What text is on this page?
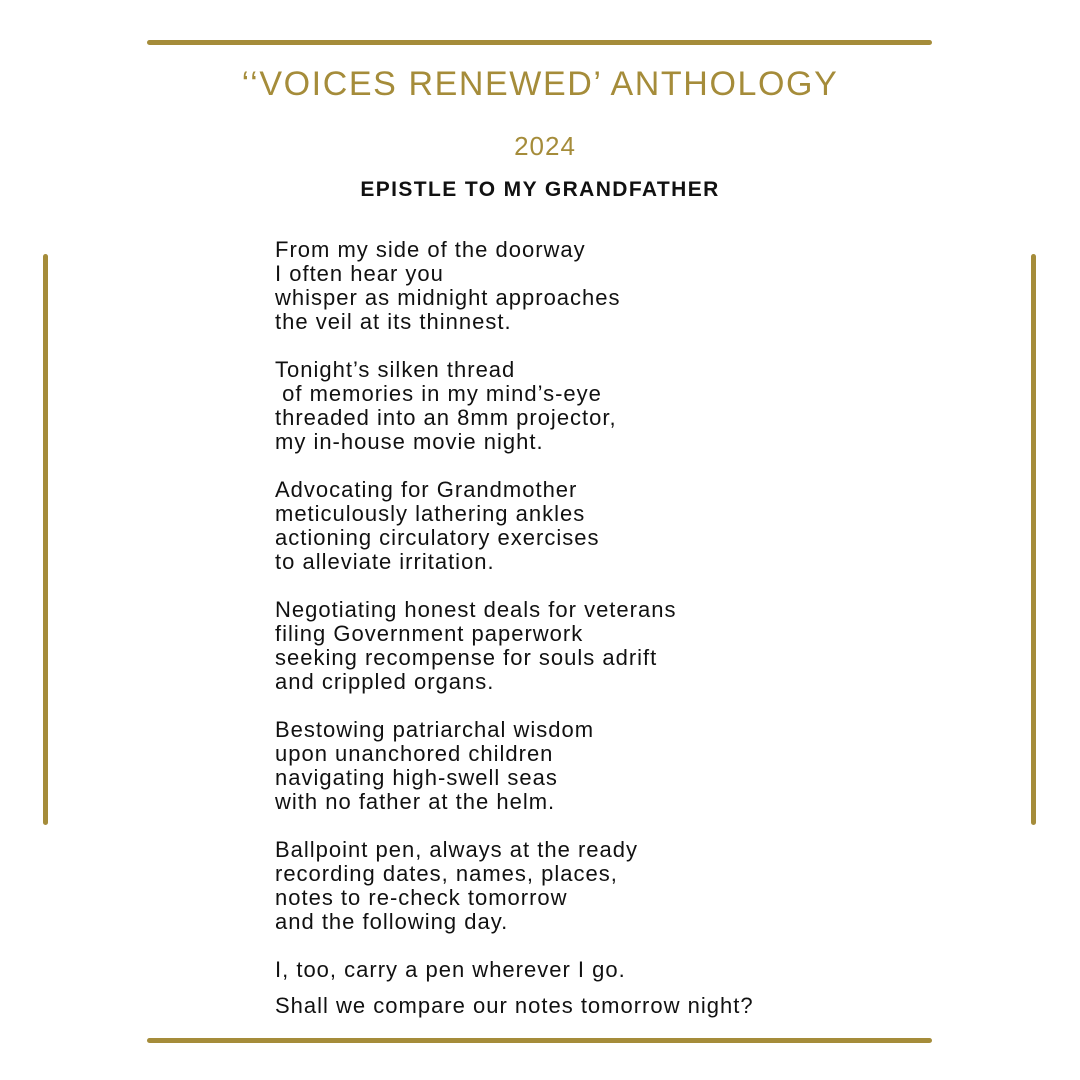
‘‘VOICES RENEWED’ ANTHOLOGY
2024
EPISTLE TO MY GRANDFATHER
From my side of the doorway
I often hear you
whisper as midnight approaches
the veil at its thinnest.
Tonight’s silken thread
of memories in my mind’s-eye
threaded into an 8mm projector,
my in-house movie night.
Advocating for Grandmother
meticulously lathering ankles
actioning circulatory exercises
to alleviate irritation.
Negotiating honest deals for veterans
filing Government paperwork
seeking recompense for souls adrift
and crippled organs.
Bestowing patriarchal wisdom
upon unanchored children
navigating high-swell seas
with no father at the helm.
Ballpoint pen, always at the ready
recording dates, names, places,
notes to re-check tomorrow
and the following day.
I, too, carry a pen wherever I go.
Shall we compare our notes tomorrow night?
